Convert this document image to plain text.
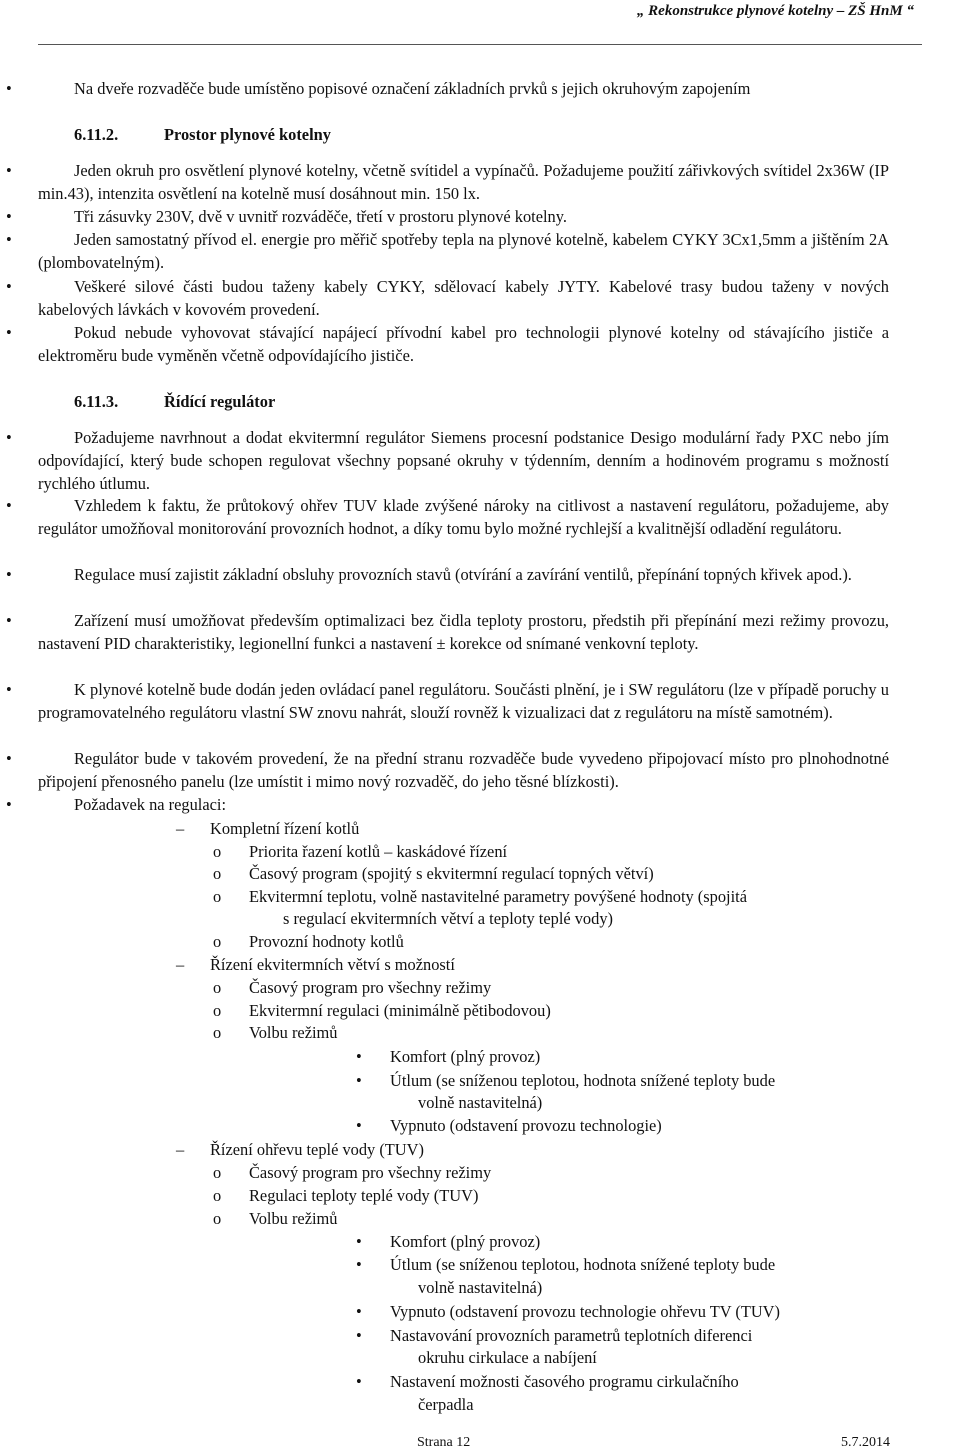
„ Rekonstrukce plynové kotelny – ZŠ HnM “
•	Na dveře rozvaděče bude umístěno popisové označení základních prvků s jejich okruhovým zapojením
6.11.2.	Prostor plynové kotelny
•	Jeden okruh pro osvětlení plynové kotelny, včetně svítidel a vypínačů. Požadujeme použití zářivkových svítidel 2x36W (IP min.43), intenzita osvětlení na kotelně musí dosáhnout min. 150 lx.
•	Tři zásuvky 230V, dvě v uvnitř rozváděče, třetí v prostoru plynové kotelny.
•	Jeden samostatný přívod el. energie pro měřič spotřeby tepla na plynové kotelně, kabelem CYKY 3Cx1,5mm a jištěním 2A (plombovatelným).
•	Veškeré silové části budou taženy kabely CYKY, sdělovací kabely JYTY. Kabelové trasy budou taženy v nových kabelových lávkách v kovovém provedení.
•	Pokud nebude vyhovovat stávající napájecí přívodní kabel pro technologii plynové kotelny od stávajícího jističe a elektroměru bude vyměněn včetně odpovídajícího jističe.
6.11.3.	Řídící regulátor
•	Požadujeme navrhnout a dodat ekvitermní regulátor Siemens procesní podstanice Desigo modulární řady PXC nebo jím odpovídající, který bude schopen regulovat všechny popsané okruhy v týdenním, denním a hodinovém programu s možností rychlého útlumu.
•	Vzhledem k faktu, že průtokový ohřev TUV klade zvýšené nároky na citlivost a nastavení regulátoru, požadujeme, aby regulátor umožňoval monitorování provozních hodnot, a díky tomu bylo možné rychlejší a kvalitnější odladění regulátoru.
•	Regulace musí zajistit základní obsluhy provozních stavů (otvírání a zavírání ventilů, přepínání topných křivek apod.).
•	Zařízení musí umožňovat především optimalizaci bez čidla teploty prostoru, předstih při přepínání mezi režimy provozu, nastavení PID charakteristiky, legionellní funkci a nastavení ± korekce od snímané venkovní teploty.
•	K plynové kotelně bude dodán jeden ovládací panel regulátoru. Součásti plnění, je i SW regulátoru (lze v případě poruchy u programovatelného regulátoru vlastní SW znovu nahrát, slouží rovněž k vizualizaci dat z regulátoru na místě samotném).
•	Regulátor bude v takovém provedení, že na přední stranu rozvaděče bude vyvedeno připojovací místo pro plnohodnotné připojení přenosného panelu (lze umístit i mimo nový rozvaděč, do jeho těsné blízkosti).
•	Požadavek na regulaci:
– Kompletní řízení kotlů
o Priorita řazení kotlů – kaskádové řízení
o Časový program (spojitý s ekvitermní regulací topných větví)
o Ekvitermní teplotu, volně nastavitelné parametry povýšené hodnoty (spojitá
s regulací ekvitermních větví a teploty teplé vody)
o Provozní hodnoty kotlů
– Řízení ekvitermních větví s možností
o Časový program pro všechny režimy
o Ekvitermní regulaci (minimálně pětibodovou)
o Volbu režimů
• Komfort (plný provoz)
• Útlum (se sníženou teplotou, hodnota snížené teploty bude
volně nastavitelná)
• Vypnuto (odstavení provozu technologie)
– Řízení ohřevu teplé vody (TUV)
o Časový program pro všechny režimy
o Regulaci teploty teplé vody (TUV)
o Volbu režimů
• Komfort (plný provoz)
• Útlum (se sníženou teplotou, hodnota snížené teploty bude
volně nastavitelná)
• Vypnuto (odstavení provozu technologie ohřevu TV (TUV)
• Nastavování provozních parametrů teplotních diferenci
okruhu cirkulace a nabíjení
• Nastavení možnosti časového programu cirkulačního
čerpadla
Strana 12	5.7.2014
